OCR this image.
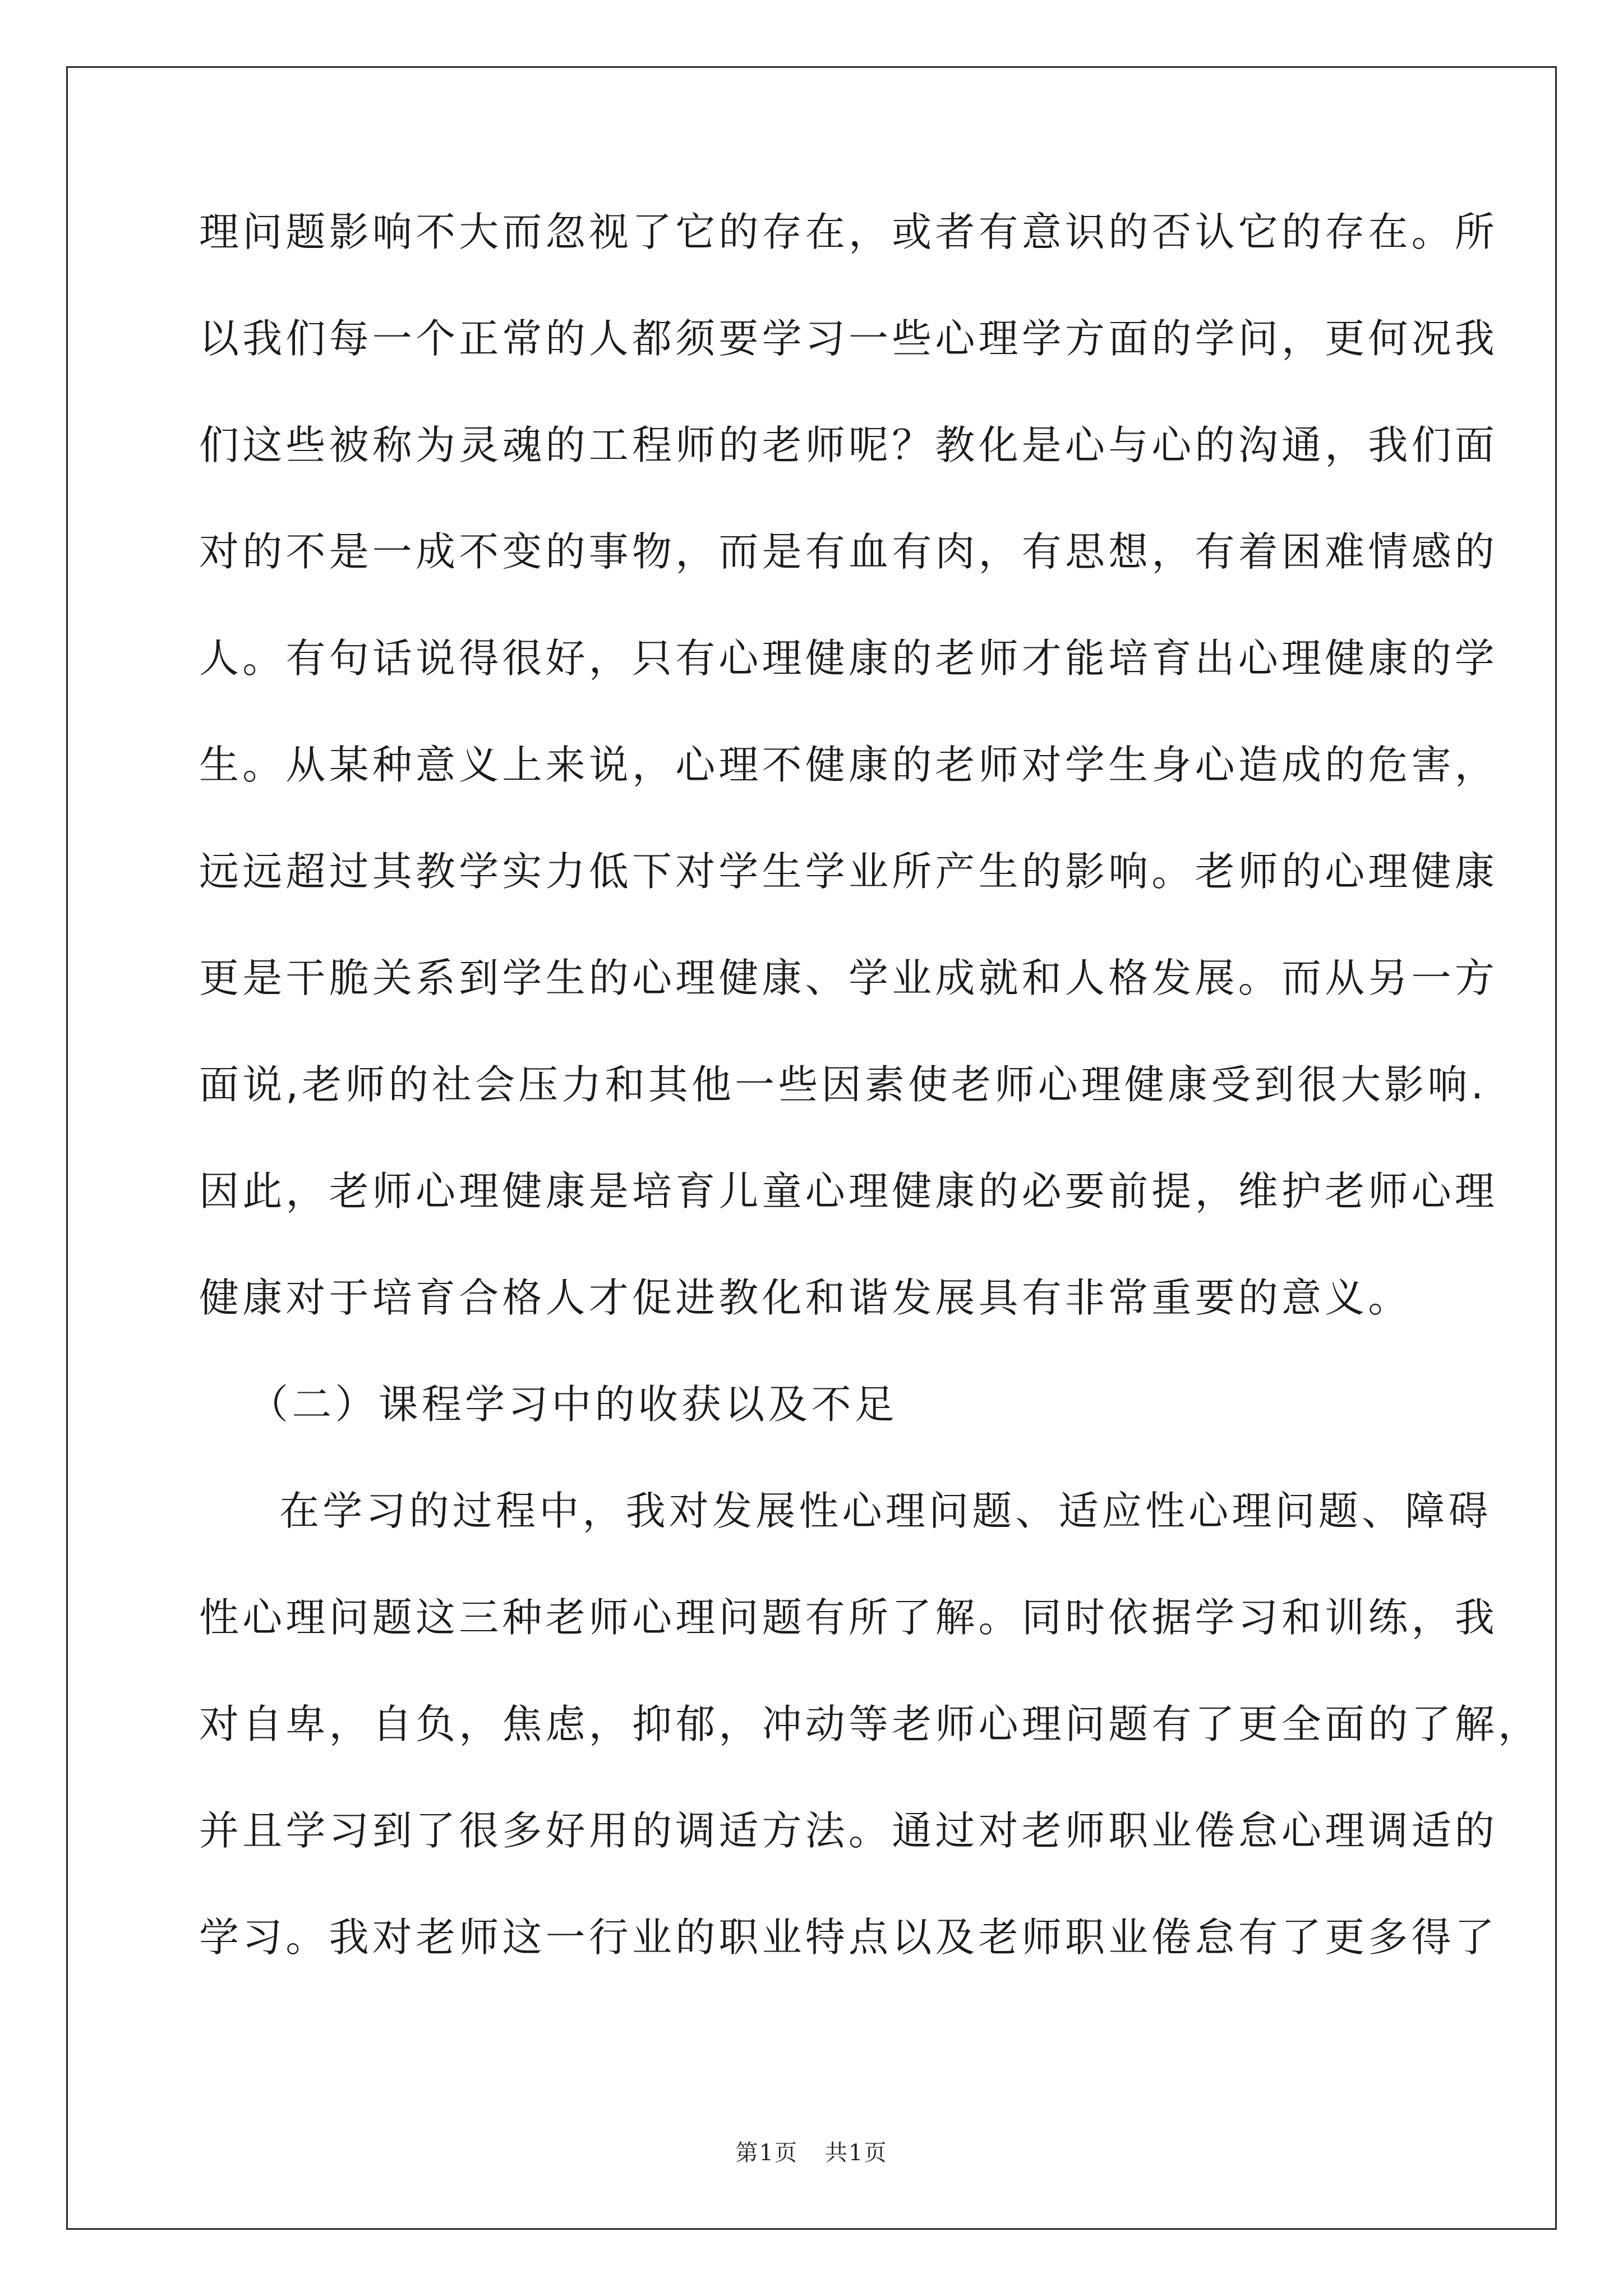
理问题影响不大而忽视了它的存在，或者有意识的否认它的存在。所
以我们每一个正常的人都须要学习一些心理学方面的学问，更何况我
们这些被称为灵魂的工程师的老师呢？教化是心与心的沟通，我们面
对的不是一成不变的事物，而是有血有肉，有思想，有着困难情感的
人。有句话说得很好，只有心理健康的老师才能培育出心理健康的学
生。从某种意义上来说，心理不健康的老师对学生身心造成的危害，
远远超过其教学实力低下对学生学业所产生的影响。老师的心理健康
更是干脆关系到学生的心理健康、学业成就和人格发展。而从另一方
面说,老师的社会压力和其他一些因素使老师心理健康受到很大影响.
因此，老师心理健康是培育儿童心理健康的必要前提，维护老师心理
健康对于培育合格人才促进教化和谐发展具有非常重要的意义。
（二）课程学习中的收获以及不足
在学习的过程中，我对发展性心理问题、适应性心理问题、障碍
性心理问题这三种老师心理问题有所了解。同时依据学习和训练，我
对自卑，自负，焦虑，抑郁，冲动等老师心理问题有了更全面的了解，
并且学习到了很多好用的调适方法。通过对老师职业倦怠心理调适的
学习。我对老师这一行业的职业特点以及老师职业倦怠有了更多得了
第1页 共1页
